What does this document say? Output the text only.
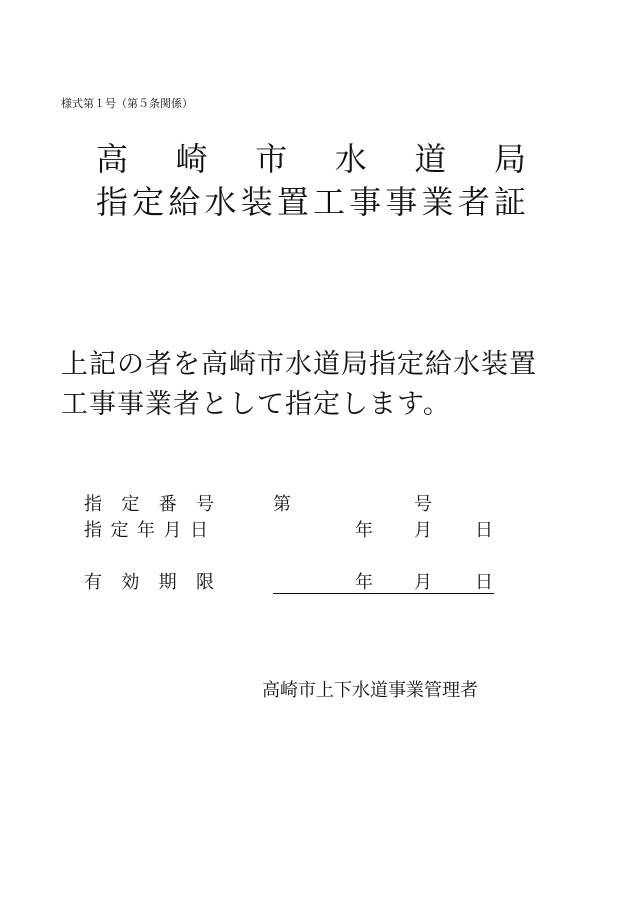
様式第１号（第５条関係）
高 崎 市 水 道 局
指 定 給 水 装 置 工 事 事 業 者 証
上記の者を高崎市水道局指定給水装置
工事事業者として指定します。
指 定 番 号	第	号
指 定 年 月 日	年 月 日
有 効 期 限	年 月 日
高崎市上下水道事業管理者
